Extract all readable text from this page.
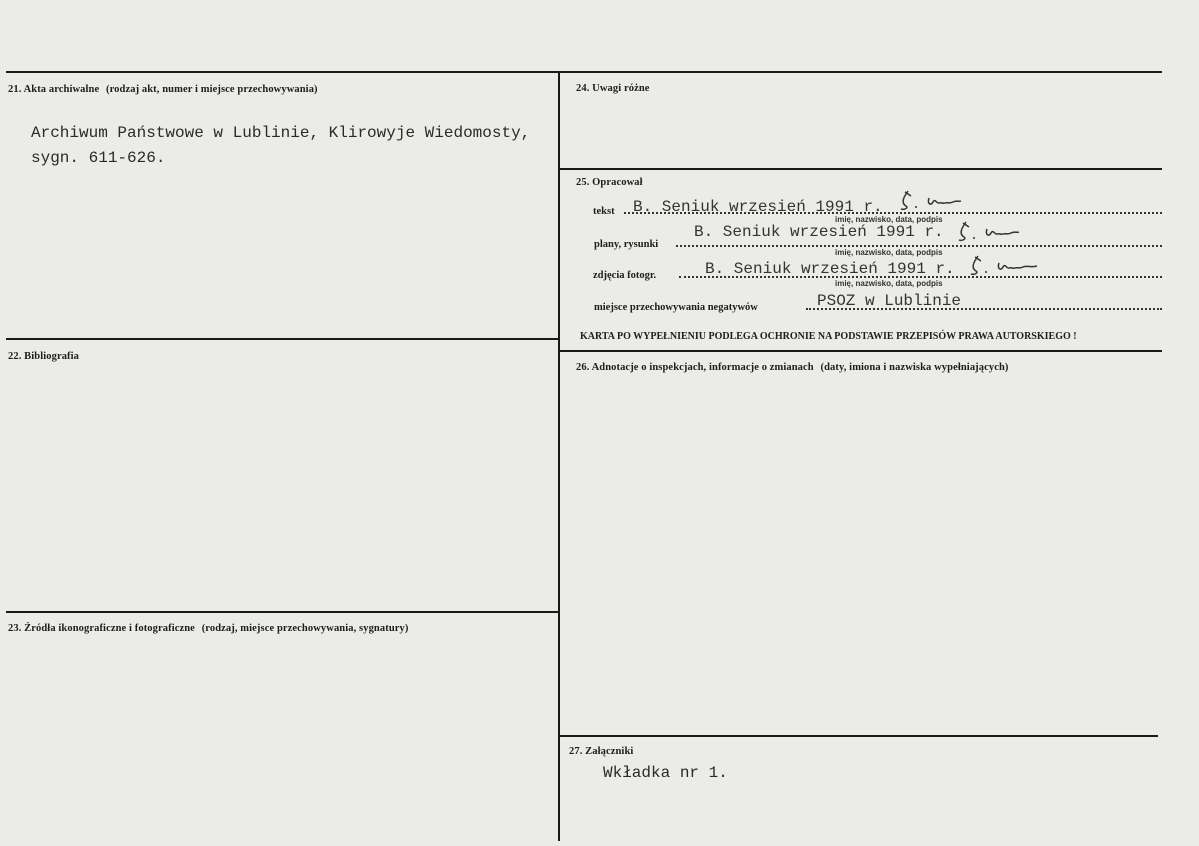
21. Akta archiwalne (rodzaj akt, numer i miejsce przechowywania)
Archiwum Państwowe w Lublinie, Klirowyje Wiedomosty,
sygn. 611-626.
22. Bibliografia
23. Źródła ikonograficzne i fotograficzne (rodzaj, miejsce przechowywania, sygnatury)
24. Uwagi różne
25. Opracował
tekst B. Seniuk wrzesień 1991 r.
imię, nazwisko, data, podpis
plany, rysunki
B. Seniuk wrzesień 1991 r.
imię, nazwisko, data, podpis
zdjęcia fotogr.	B. Seniuk wrzesień 1991 r.
imię, nazwisko, data, podpis
miejsce przechowywania negatywów	PSOZ w Lublinie
KARTA PO WYPEŁNIENIU PODLEGA OCHRONIE NA PODSTAWIE PRZEPISÓW PRAWA AUTORSKIEGO !
26. Adnotacje o inspekcjach, informacje o zmianach (daty, imiona i nazwiska wypełniających)
27. Załączniki
Wkładka nr 1.
